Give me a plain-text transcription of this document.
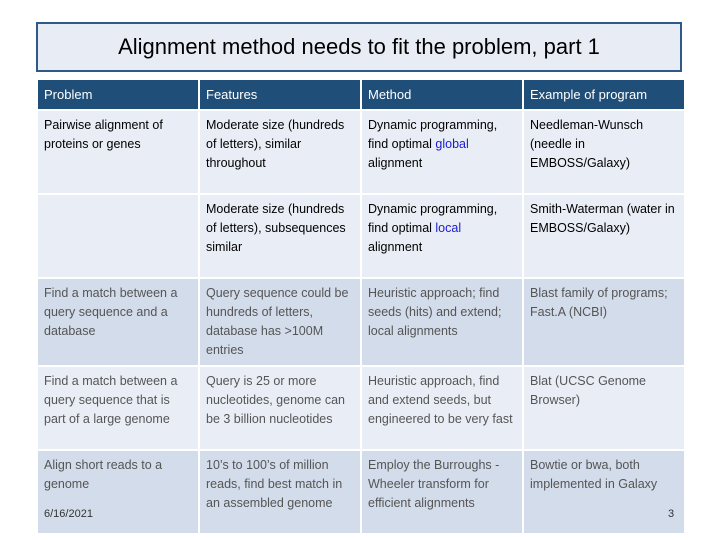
Alignment method needs to fit the problem, part 1
Problem	Features	Method	Example of program
Pairwise alignment of proteins or genes	Moderate size (hundreds of letters), similar throughout	Dynamic programming, find optimal global alignment	Needleman-Wunsch (needle in EMBOSS/Galaxy)
	Moderate size (hundreds of letters), subsequences similar	Dynamic programming, find optimal local alignment	Smith-Waterman (water in EMBOSS/Galaxy)
Find a match between a query sequence and a database	Query sequence could be hundreds of letters, database has >100M entries	Heuristic approach; find seeds (hits) and extend; local alignments	Blast family of programs; Fast.A (NCBI)
Find a match between a query sequence that is part of a large genome	Query is 25 or more nucleotides, genome can be 3 billion nucleotides	Heuristic approach, find and extend seeds, but engineered to be very fast	Blat (UCSC Genome Browser)
Align short reads to a genome	10’s to 100’s of million reads, find best match in an assembled genome	Employ the Burroughs -Wheeler transform for efficient alignments	Bowtie or bwa, both implemented in Galaxy
6/16/2021	3
